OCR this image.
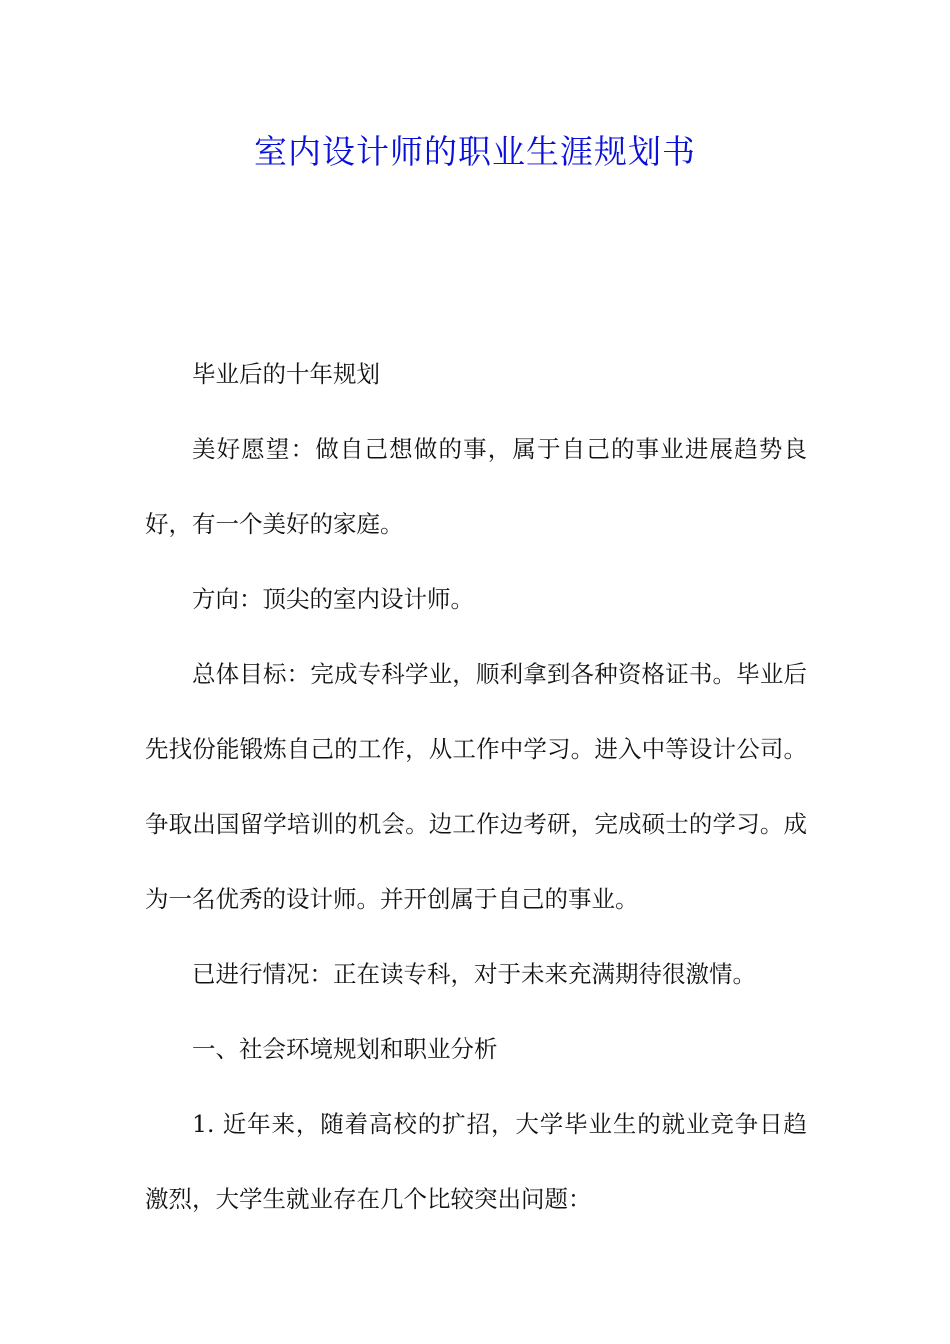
室内设计师的职业生涯规划书

毕业后的十年规划

美好愿望：做自己想做的事，属于自己的事业进展趋势良好，有一个美好的家庭。

方向：顶尖的室内设计师。

总体目标：完成专科学业，顺利拿到各种资格证书。毕业后先找份能锻炼自己的工作，从工作中学习。进入中等设计公司。争取出国留学培训的机会。边工作边考研，完成硕士的学习。成为一名优秀的设计师。并开创属于自己的事业。

已进行情况：正在读专科，对于未来充满期待很激情。

一、社会环境规划和职业分析

1. 近年来，随着高校的扩招，大学毕业生的就业竞争日趋激烈，大学生就业存在几个比较突出问题：
